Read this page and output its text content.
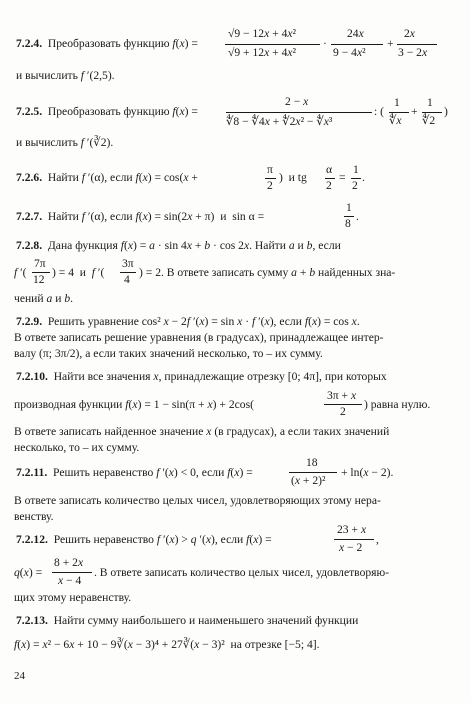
7.2.4.  Преобразовать функцию f(x) =
√9 − 12x + 4x²
√9 + 12x + 4x²
·
24x
9 − 4x²
+
2x
3 − 2x
и вычислить f ′(2,5).
7.2.5.  Преобразовать функцию f(x) =
2 − x
∜8 − ∜4x + ∜2x² − ∜x³
: (
1
∜x
+
1
∜2
)
и вычислить f ′(∛2).
7.2.6.  Найти f ′(α), если f(x) = cos(x +
π
2
)  и tg
α
2
=
1
2
.
7.2.7.  Найти f ′(α), если f(x) = sin(2x + π)  и  sin α =
1
8
.
7.2.8.  Дана функция f(x) = a · sin 4x + b · cos 2x. Найти a и b, если
f ′(
7π
12
) = 4  и  f ′(
3π
4
) = 2. В ответе записать сумму a + b найденных зна-
чений a и b.
7.2.9.  Решить уравнение cos² x − 2f ′(x) = sin x · f ′(x), если f(x) = cos x.
В ответе записать решение уравнения (в градусах), принадлежащее интер-
валу (π; 3π/2), а если таких значений несколько, то – их сумму.
7.2.10.  Найти все значения x, принадлежащие отрезку [0; 4π], при которых
производная функции f(x) = 1 − sin(π + x) + 2cos(
3π + x
2
) равна нулю.
В ответе записать найденное значение x (в градусах), а если таких значений
несколько, то – их сумму.
7.2.11.  Решить неравенство f ′(x) < 0, если f(x) =
18
(x + 2)²
+ ln(x − 2).
В ответе записать количество целых чисел, удовлетворяющих этому нера-
венству.
7.2.12.  Решить неравенство f ′(x) > q ′(x), если f(x) =
23 + x
x − 2
,
q(x) =
8 + 2x
x − 4
. В ответе записать количество целых чисел, удовлетворяю-
щих этому неравенству.
7.2.13.  Найти сумму наибольшего и наименьшего значений функции
f(x) = x² − 6x + 10 − 9∛(x − 3)⁴ + 27∛(x − 3)²  на отрезке [−5; 4].
24
